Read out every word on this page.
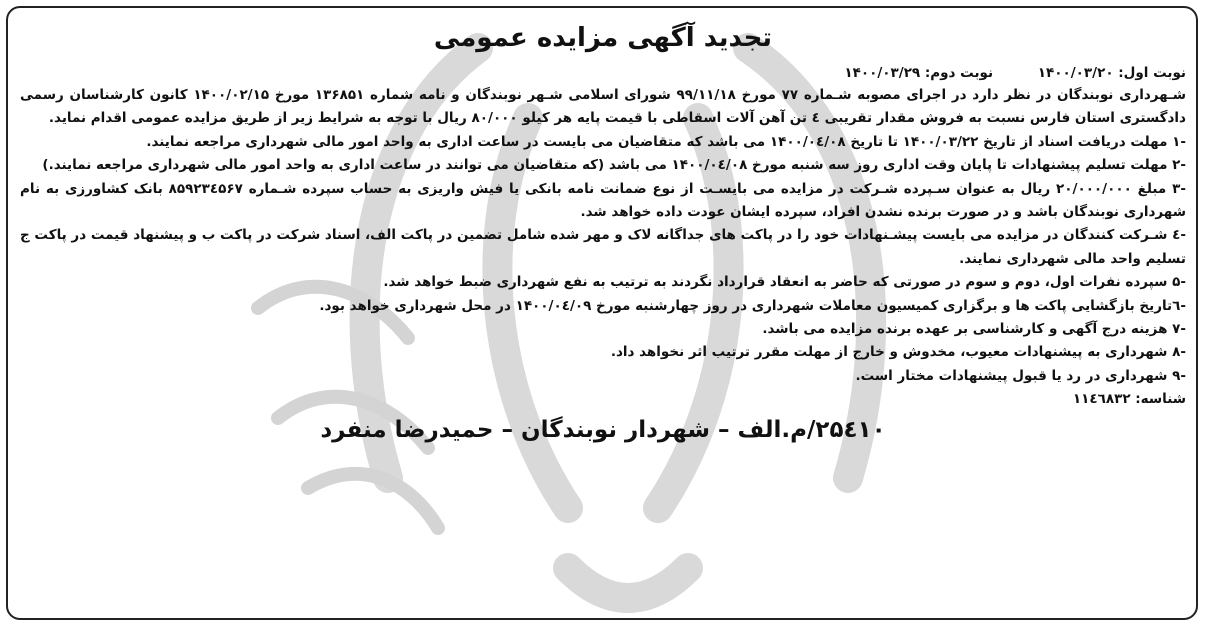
تجدید آگهی مزایده عمومی
نوبت اول: ۱۴۰۰/۰۳/۲۰ نوبت دوم: ۱۴۰۰/۰۳/۲۹

شـهرداری نوبندگان در نظر دارد در اجرای مصوبه شـماره ۷۷ مورخ ۹۹/۱۱/۱۸ شورای اسلامی شـهر نوبندگان و نامه شماره ۱۳۶۸۵۱ مورخ ۱۴۰۰/۰۲/۱۵ کانون کارشناسان رسمی دادگستری استان فارس نسبت به فروش مقدار تقریبی ٤ تن آهن آلات اسقاطی با قیمت پایه هر کیلو ۸۰/۰۰۰ ریال با توجه به شرایط زیر از طریق مزایده عمومی اقدام نماید.

-۱ مهلت دریافت اسناد از تاریخ ۱۴۰۰/۰۳/۲۲ تا تاریخ ۱۴۰۰/۰٤/۰۸ می باشد که متقاضیان می بایست در ساعت اداری به واحد امور مالی شهرداری مراجعه نمایند.

-۲ مهلت تسلیم پیشنهادات تا پایان وقت اداری روز سه شنبه مورخ ۱۴۰۰/۰٤/۰۸ می باشد (که متقاضیان می توانند در ساعت اداری به واحد امور مالی شهرداری مراجعه نمایند.)

-۳ مبلغ ۲۰/۰۰۰/۰۰۰ ریال به عنوان سـپرده شـرکت در مزایده می بایسـت از نوع ضمانت نامه بانکی یا فیش واریزی به حساب سپرده شـماره ۸۵۹۲۳٤۵۶۷ بانک کشاورزی به نام شهرداری نوبندگان باشد و در صورت برنده نشدن افراد، سپرده ایشان عودت داده خواهد شد.

-٤ شـرکت کنندگان در مزایده می بایست پیشـنهادات خود را در پاکت های جداگانه لاک و مهر شده شامل تضمین در پاکت الف، اسناد شرکت در پاکت ب و پیشنهاد قیمت در پاکت ج تسلیم واحد مالی شهرداری نمایند.

-۵ سپرده نفرات اول، دوم و سوم در صورتی که حاضر به انعقاد قرارداد نگردند به ترتیب به نفع شهرداری ضبط خواهد شد.

-٦تاریخ بازگشایی پاکت ها و برگزاری کمیسیون معاملات شهرداری در روز چهارشنبه مورخ ۱۴۰۰/۰٤/۰۹ در محل شهرداری خواهد بود.

-۷ هزینه درج آگهی و کارشناسی بر عهده برنده مزایده می باشد.

-۸ شهرداری به پیشنهادات معیوب، مخدوش و خارج از مهلت مقرر ترتیب اثر نخواهد داد.

-۹ شهرداری در رد یا قبول پیشنهادات مختار است.

شناسه: ۱۱٤٦۸۳۲
۲۵٤۱۰/م.الف – شهردار نوبندگان – حمیدرضا منفرد
